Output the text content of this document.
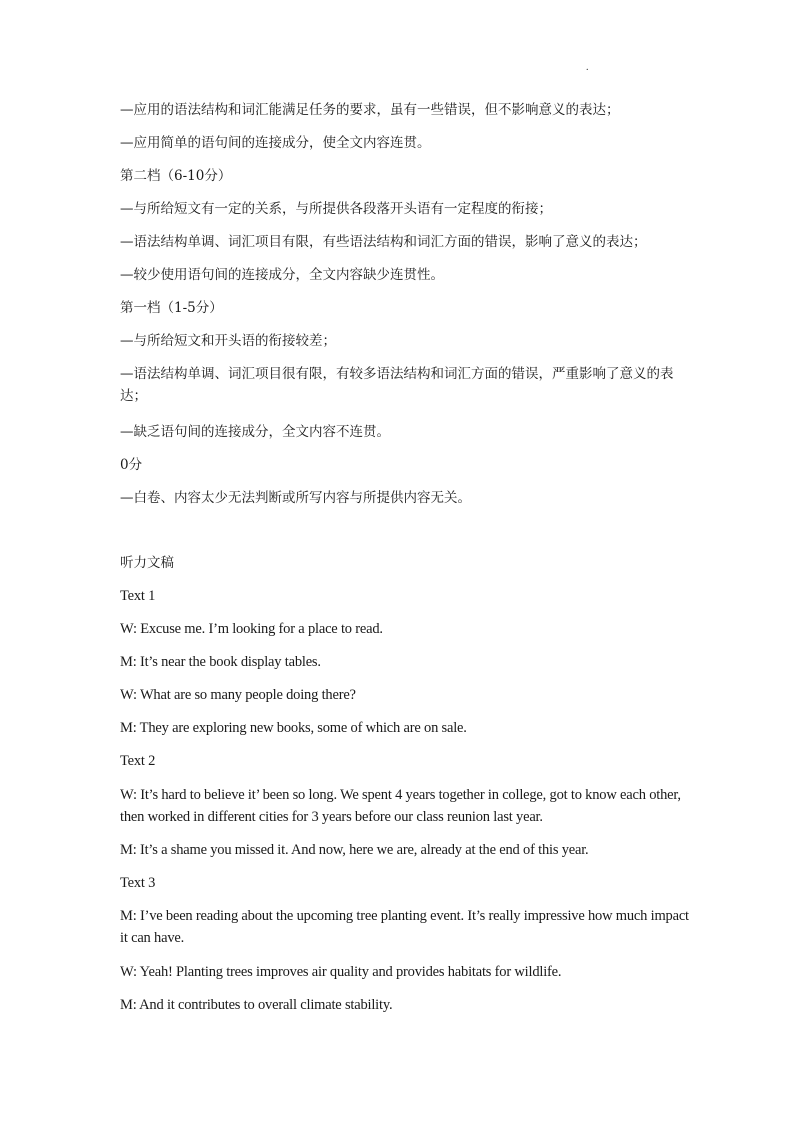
.
—应用的语法结构和词汇能满足任务的要求，虽有一些错误，但不影响意义的表达；
—应用简单的语句间的连接成分，使全文内容连贯。
第二档（6-10分）
—与所给短文有一定的关系，与所提供各段落开头语有一定程度的衔接；
—语法结构单调、词汇项目有限，有些语法结构和词汇方面的错误，影响了意义的表达；
—较少使用语句间的连接成分，全文内容缺少连贯性。
第一档（1-5分）
—与所给短文和开头语的衔接较差；
—语法结构单调、词汇项目很有限，有较多语法结构和词汇方面的错误，严重影响了意义的表达；
—缺乏语句间的连接成分，全文内容不连贯。
0分
—白卷、内容太少无法判断或所写内容与所提供内容无关。
听力文稿
Text 1
W: Excuse me. I’m looking for a place to read.
M: It’s near the book display tables.
W: What are so many people doing there?
M: They are exploring new books, some of which are on sale.
Text 2
W: It’s hard to believe it’ been so long. We spent 4 years together in college, got to know each other, then worked in different cities for 3 years before our class reunion last year.
M: It’s a shame you missed it. And now, here we are, already at the end of this year.
Text 3
M: I’ve been reading about the upcoming tree planting event. It’s really impressive how much impact it can have.
W: Yeah! Planting trees improves air quality and provides habitats for wildlife.
M: And it contributes to overall climate stability.
